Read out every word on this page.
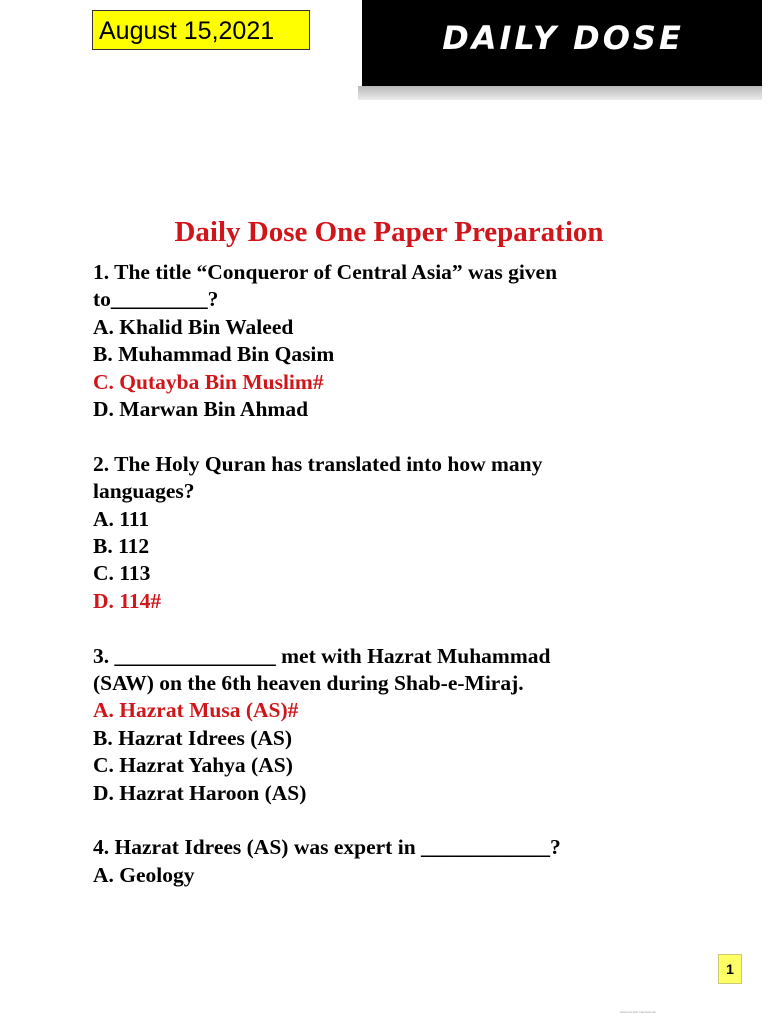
August 15,2021	DAILY DOSE
Daily Dose One Paper Preparation
1. The title “Conqueror of Central Asia” was given
to_________?
A. Khalid Bin Waleed
B. Muhammad Bin Qasim
C. Qutayba Bin Muslim#
D. Marwan Bin Ahmad
2. The Holy Quran has translated into how many
languages?
A. 111
B. 112
C. 113
D. 114#
3. _______________ met with Hazrat Muhammad
(SAW) on the 6th heaven during Shab-e-Miraj.
A. Hazrat Musa (AS)#
B. Hazrat Idrees (AS)
C. Hazrat Yahya (AS)
D. Hazrat Haroon (AS)
4. Hazrat Idrees (AS) was expert in ____________?
A. Geology
1
Scanned with CamScanner
